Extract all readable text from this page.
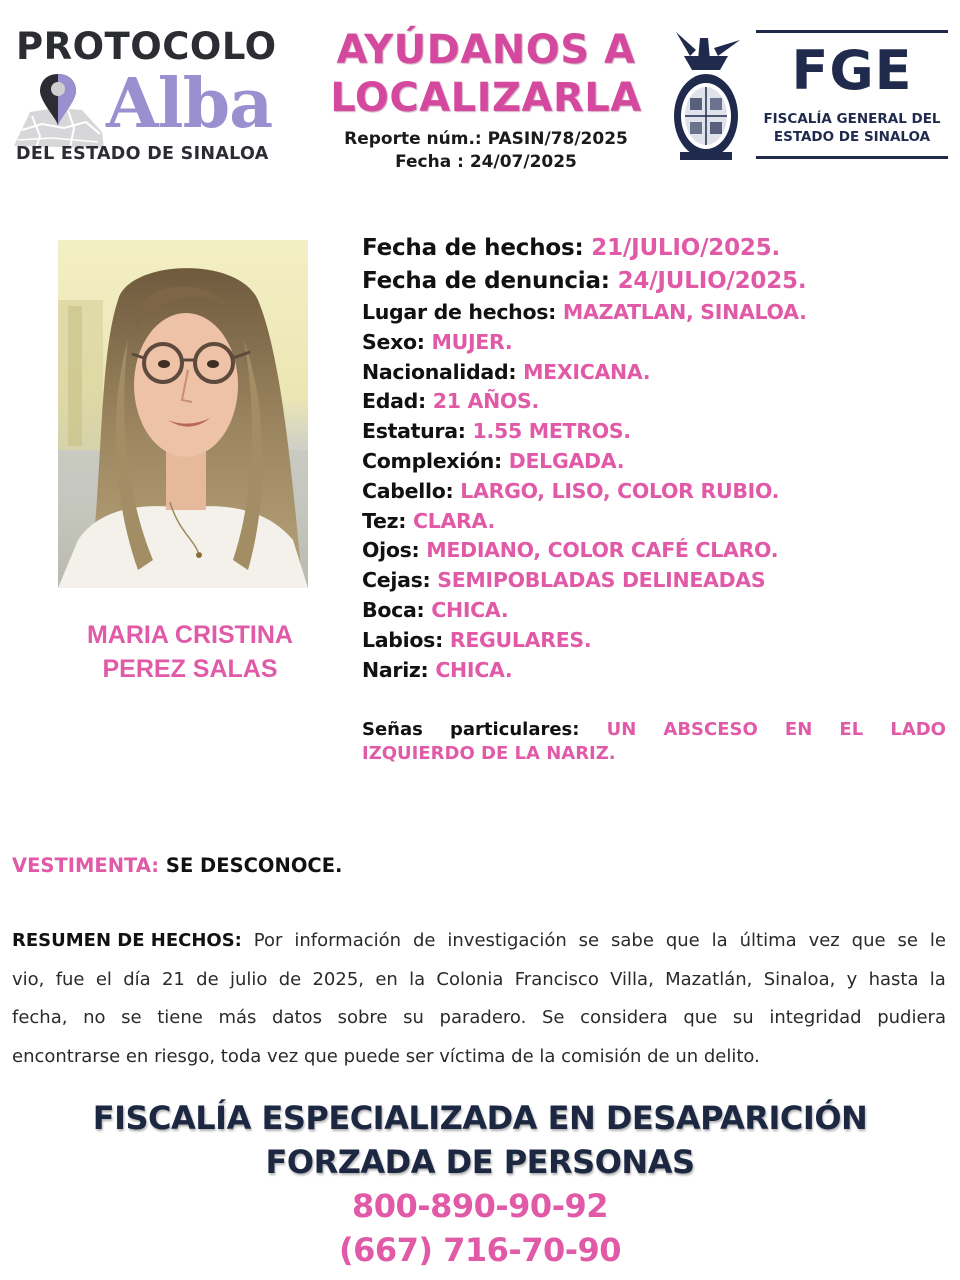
PROTOCOLO
Alba
DEL ESTADO DE SINALOA
AYÚDANOS A
LOCALIZARLA
Reporte núm.: PASIN/78/2025
Fecha : 24/07/2025
FGE
FISCALÍA GENERAL DEL
ESTADO DE SINALOA
MARIA CRISTINA
PEREZ SALAS
Fecha de hechos: 21/JULIO/2025.
Fecha de denuncia: 24/JULIO/2025.
Lugar de hechos: MAZATLAN, SINALOA.
Sexo: MUJER.
Nacionalidad: MEXICANA.
Edad: 21 AÑOS.
Estatura: 1.55 METROS.
Complexión: DELGADA.
Cabello: LARGO, LISO, COLOR RUBIO.
Tez: CLARA.
Ojos: MEDIANO, COLOR CAFÉ CLARO.
Cejas: SEMIPOBLADAS DELINEADAS
Boca: CHICA.
Labios: REGULARES.
Nariz: CHICA.
Señas particulares: UN ABSCESO EN EL LADO
IZQUIERDO DE LA NARIZ.
VESTIMENTA: SE DESCONOCE.
RESUMEN DE HECHOS: Por información de investigación se sabe que la última vez que se le
vio, fue el día 21 de julio de 2025, en la Colonia Francisco Villa, Mazatlán, Sinaloa, y hasta la
fecha, no se tiene más datos sobre su paradero. Se considera que su integridad pudiera
encontrarse en riesgo, toda vez que puede ser víctima de la comisión de un delito.
FISCALÍA ESPECIALIZADA EN DESAPARICIÓN
FORZADA DE PERSONAS
800-890-90-92
(667) 716-70-90
